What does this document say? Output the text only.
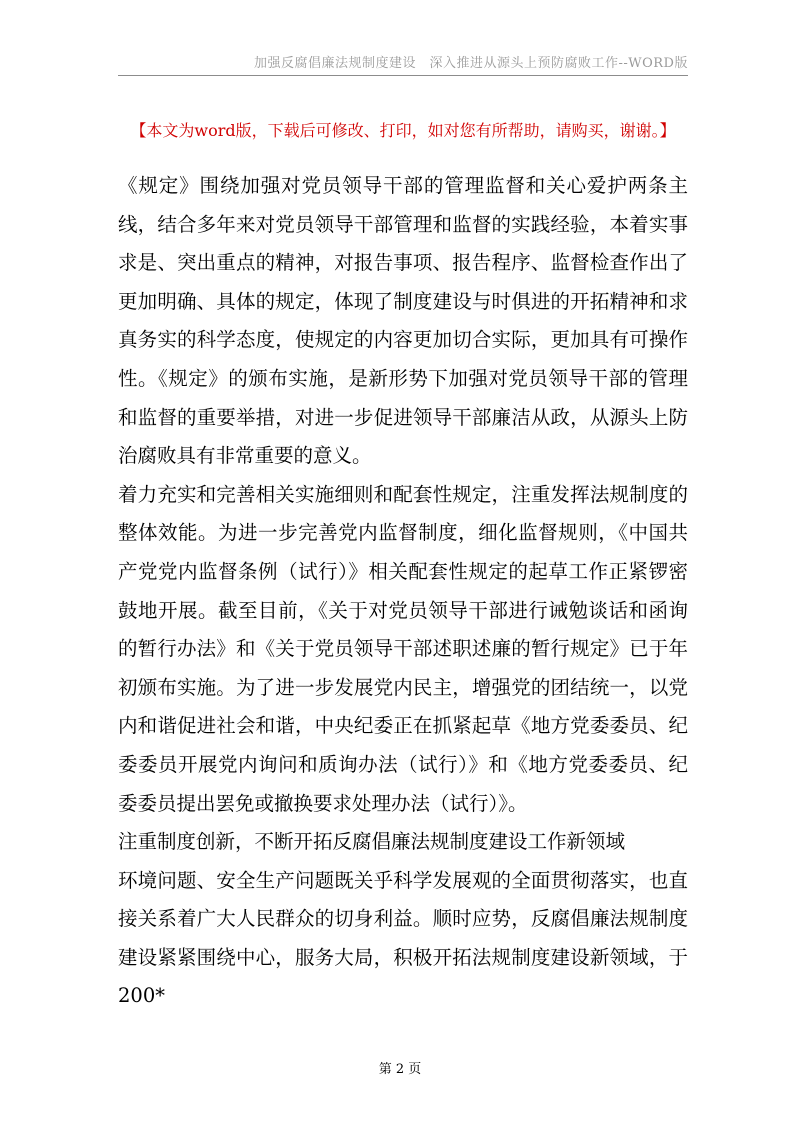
加强反腐倡廉法规制度建设　深入推进从源头上预防腐败工作--WORD版
【本文为word版，下载后可修改、打印，如对您有所帮助，请购买，谢谢。】

《规定》围绕加强对党员领导干部的管理监督和关心爱护两条主线，结合多年来对党员领导干部管理和监督的实践经验，本着实事求是、突出重点的精神，对报告事项、报告程序、监督检查作出了更加明确、具体的规定，体现了制度建设与时俱进的开拓精神和求真务实的科学态度，使规定的内容更加切合实际，更加具有可操作性。《规定》的颁布实施，是新形势下加强对党员领导干部的管理和监督的重要举措，对进一步促进领导干部廉洁从政，从源头上防治腐败具有非常重要的意义。

着力充实和完善相关实施细则和配套性规定，注重发挥法规制度的整体效能。为进一步完善党内监督制度，细化监督规则，《中国共产党党内监督条例（试行）》相关配套性规定的起草工作正紧锣密鼓地开展。截至目前，《关于对党员领导干部进行诫勉谈话和函询的暂行办法》和《关于党员领导干部述职述廉的暂行规定》已于年初颁布实施。为了进一步发展党内民主，增强党的团结统一，以党内和谐促进社会和谐，中央纪委正在抓紧起草《地方党委委员、纪委委员开展党内询问和质询办法（试行）》和《地方党委委员、纪委委员提出罢免或撤换要求处理办法（试行）》。

注重制度创新，不断开拓反腐倡廉法规制度建设工作新领域

环境问题、安全生产问题既关乎科学发展观的全面贯彻落实，也直接关系着广大人民群众的切身利益。顺时应势，反腐倡廉法规制度建设紧紧围绕中心，服务大局，积极开拓法规制度建设新领域，于 200*

第 2 页
